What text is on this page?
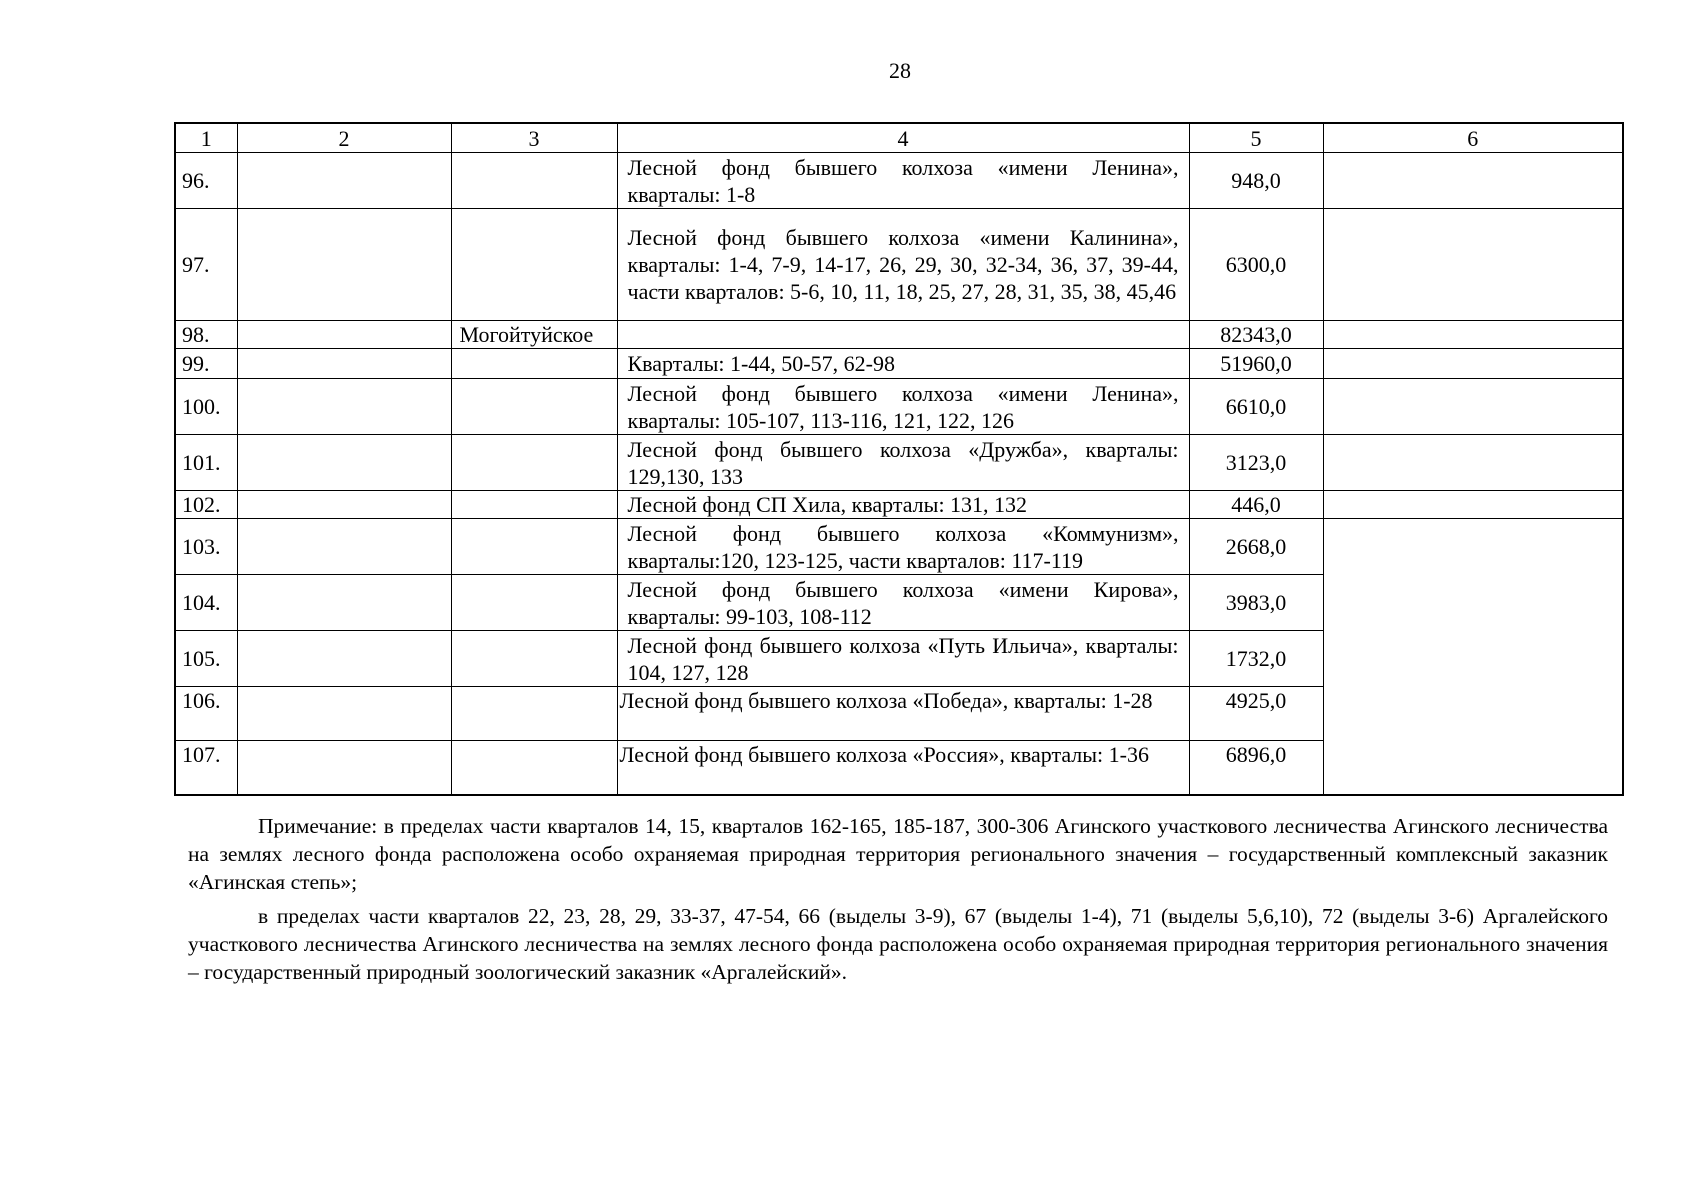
28
1	2	3	4	5	6
96.			Лесной фонд бывшего колхоза «имени Ленина», кварталы: 1-8	948,0	
97.			Лесной фонд бывшего колхоза «имени Калинина», кварталы: 1-4, 7-9, 14-17, 26, 29, 30, 32-34, 36, 37, 39-44, части кварталов: 5-6, 10, 11, 18, 25, 27, 28, 31, 35, 38, 45,46	6300,0	
98.		Могойтуйское		82343,0	
99.			Кварталы: 1-44, 50-57, 62-98	51960,0	
100.			Лесной фонд бывшего колхоза «имени Ленина», кварталы: 105-107, 113-116, 121, 122, 126	6610,0	
101.			Лесной фонд бывшего колхоза «Дружба», кварталы: 129,130, 133	3123,0	
102.			Лесной фонд СП Хила, кварталы: 131, 132	446,0	
103.			Лесной фонд бывшего колхоза «Коммунизм», кварталы:120, 123-125, части кварталов: 117-119	2668,0	
104.			Лесной фонд бывшего колхоза «имени Кирова», кварталы: 99-103, 108-112	3983,0	
105.			Лесной фонд бывшего колхоза «Путь Ильича», кварталы: 104, 127, 128	1732,0	
106.			Лесной фонд бывшего колхоза «Победа», кварталы: 1-28	4925,0	
107.			Лесной фонд бывшего колхоза «Россия», кварталы: 1-36	6896,0	

Примечание: в пределах части кварталов 14, 15, кварталов 162-165, 185-187, 300-306 Агинского участкового лесничества Агинского лесничества на землях лесного фонда расположена особо охраняемая природная территория регионального значения – государственный комплексный заказник «Агинская степь»;

в пределах части кварталов 22, 23, 28, 29, 33-37, 47-54, 66 (выделы 3-9), 67 (выделы 1-4), 71 (выделы 5,6,10), 72 (выделы 3-6) Аргалейского участкового лесничества Агинского лесничества на землях лесного фонда расположена особо охраняемая природная территория регионального значения – государственный природный зоологический заказник «Аргалейский».
